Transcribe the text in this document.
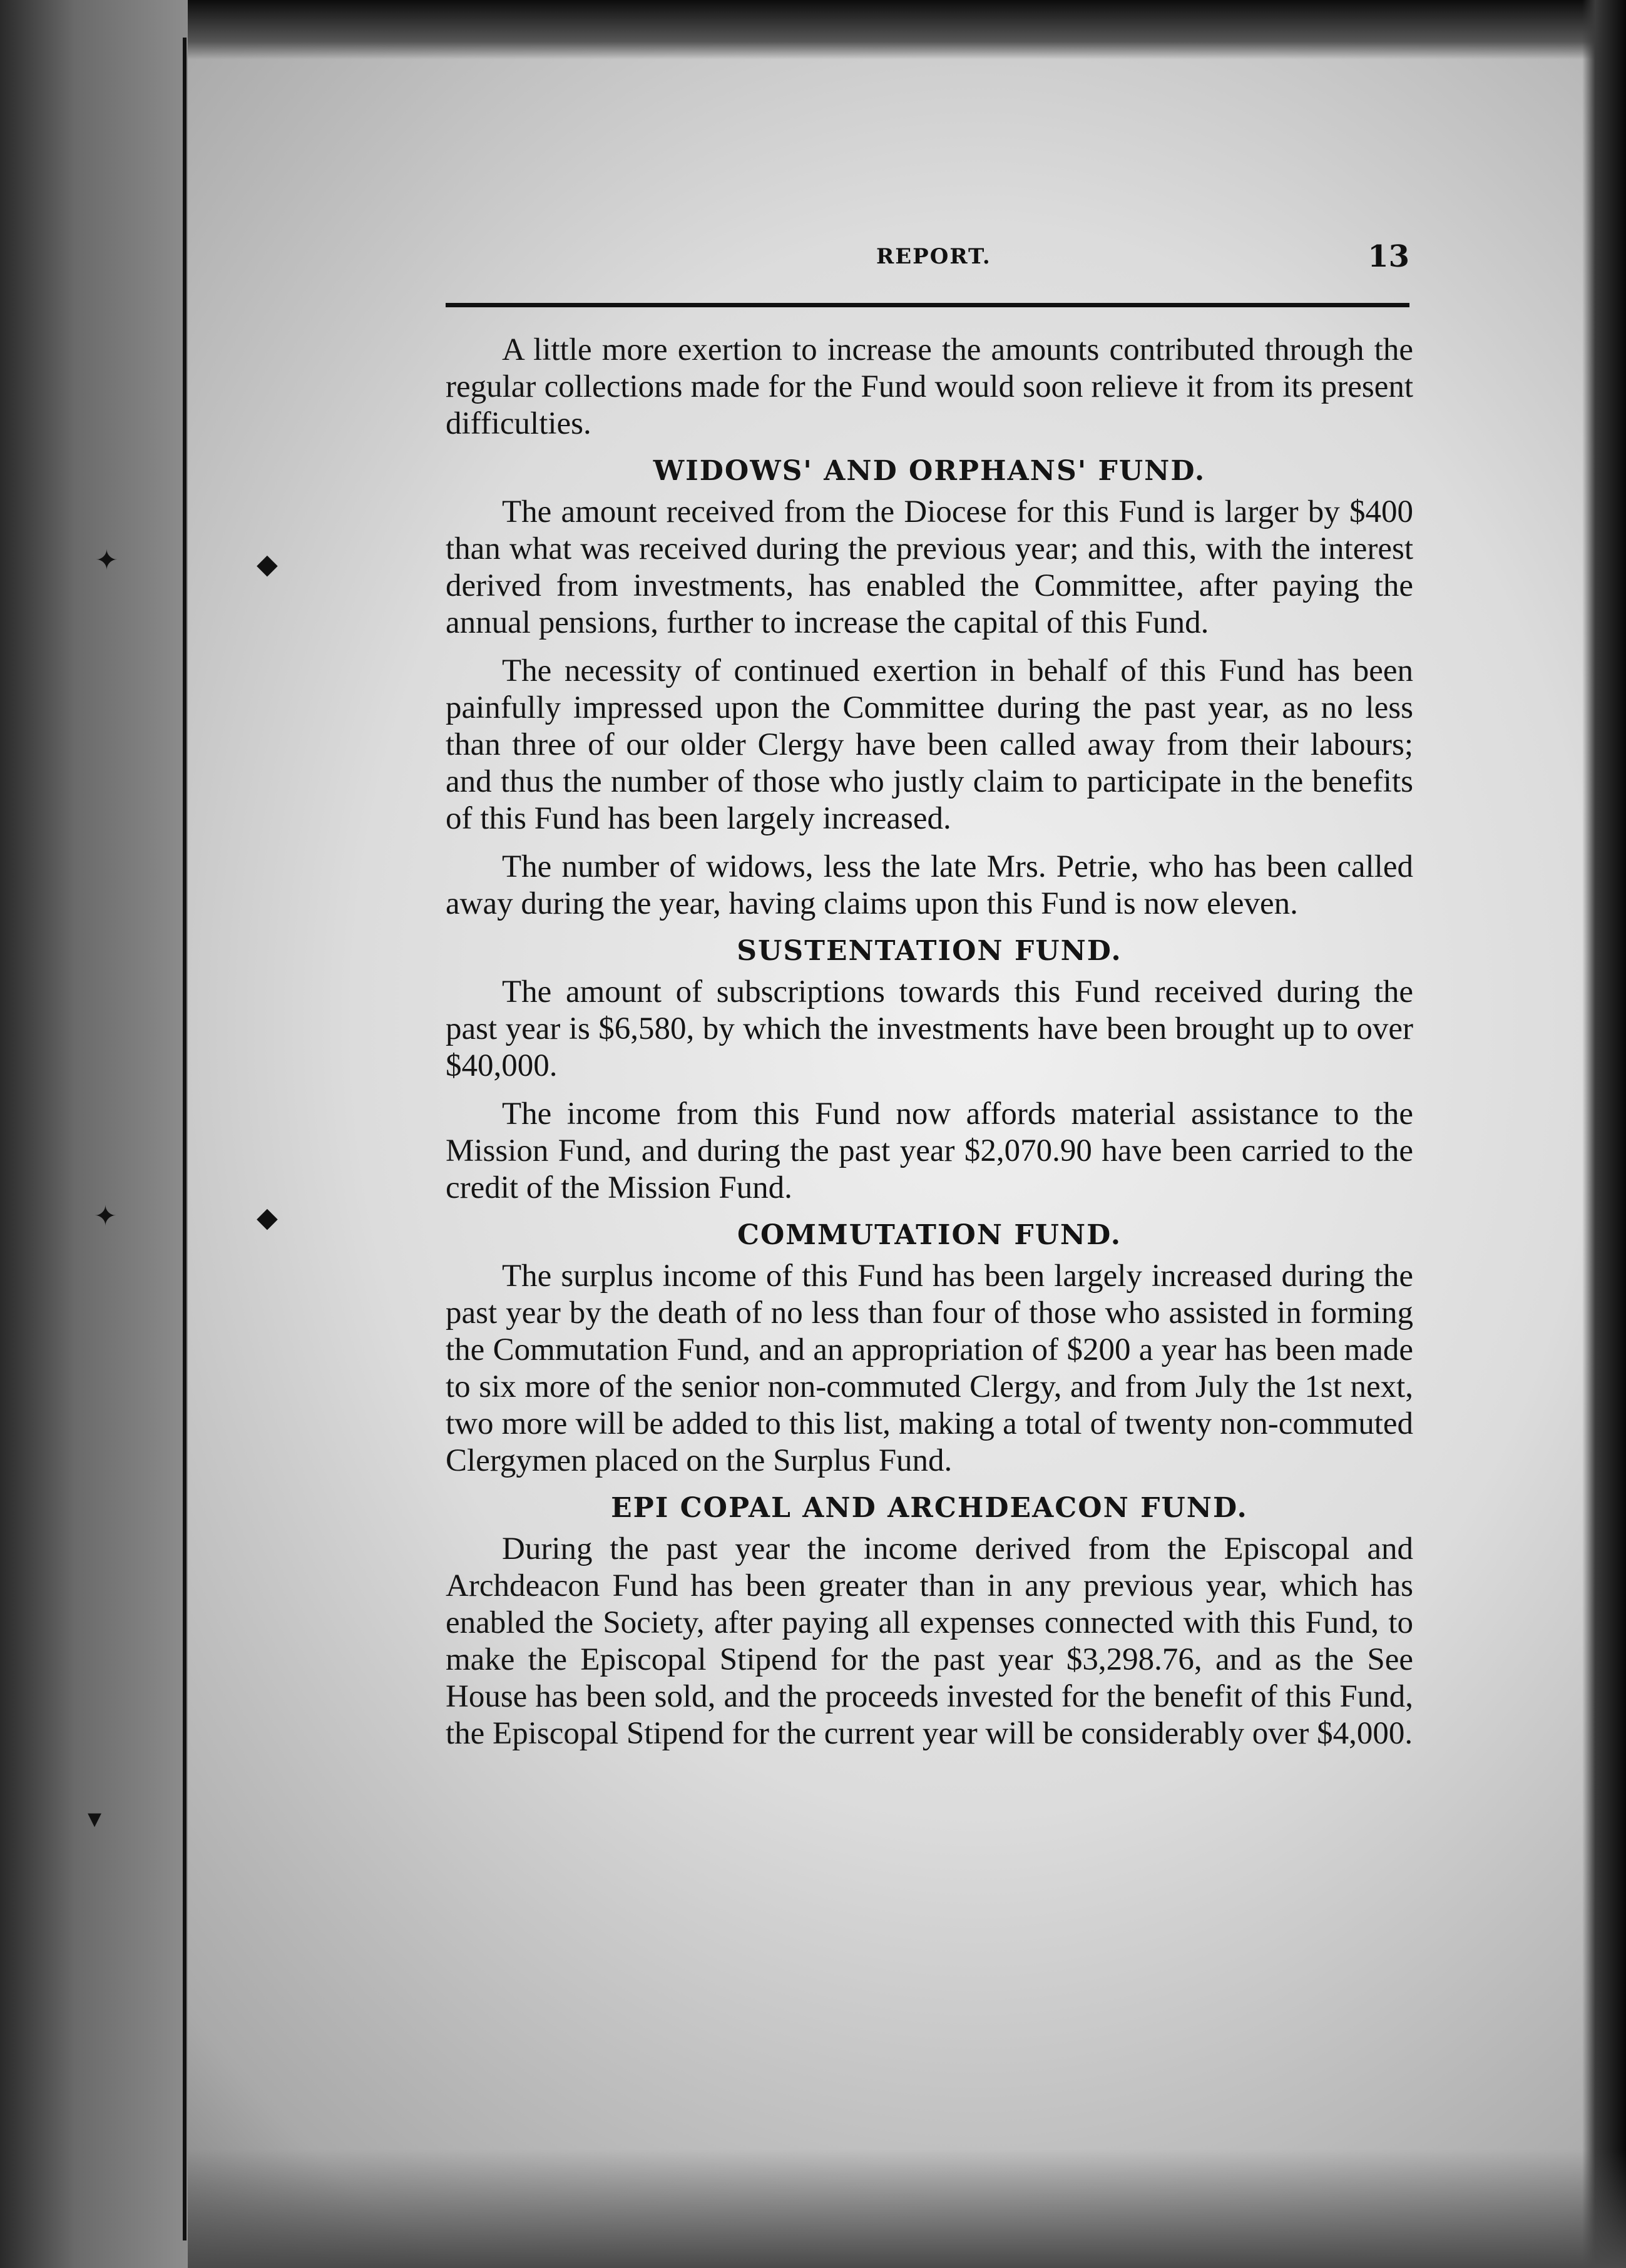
◆
✦
◆
✦
▾
REPORT.	13

A little more exertion to increase the amounts contributed through the regular collections made for the Fund would soon relieve it from its present difficulties.

WIDOWS' AND ORPHANS' FUND.

The amount received from the Diocese for this Fund is larger by $400 than what was received during the previous year; and this, with the interest derived from investments, has enabled the Committee, after paying the annual pensions, further to increase the capital of this Fund.

The necessity of continued exertion in behalf of this Fund has been painfully impressed upon the Committee during the past year, as no less than three of our older Clergy have been called away from their labours; and thus the number of those who justly claim to participate in the benefits of this Fund has been largely increased.

The number of widows, less the late Mrs. Petrie, who has been called away during the year, having claims upon this Fund is now eleven.

SUSTENTATION FUND.

The amount of subscriptions towards this Fund received during the past year is $6,580, by which the investments have been brought up to over $40,000.

The income from this Fund now affords material assistance to the Mission Fund, and during the past year $2,070.90 have been carried to the credit of the Mission Fund.

COMMUTATION FUND.

The surplus income of this Fund has been largely increased during the past year by the death of no less than four of those who assisted in forming the Commutation Fund, and an appropriation of $200 a year has been made to six more of the senior non-commuted Clergy, and from July the 1st next, two more will be added to this list, making a total of twenty non-commuted Clergymen placed on the Surplus Fund.

EPI COPAL AND ARCHDEACON FUND.

During the past year the income derived from the Episcopal and Archdeacon Fund has been greater than in any previous year, which has enabled the Society, after paying all expenses connected with this Fund, to make the Episcopal Stipend for the past year $3,298.76, and as the See House has been sold, and the proceeds invested for the benefit of this Fund, the Episcopal Stipend for the current year will be considerably over $4,000.
